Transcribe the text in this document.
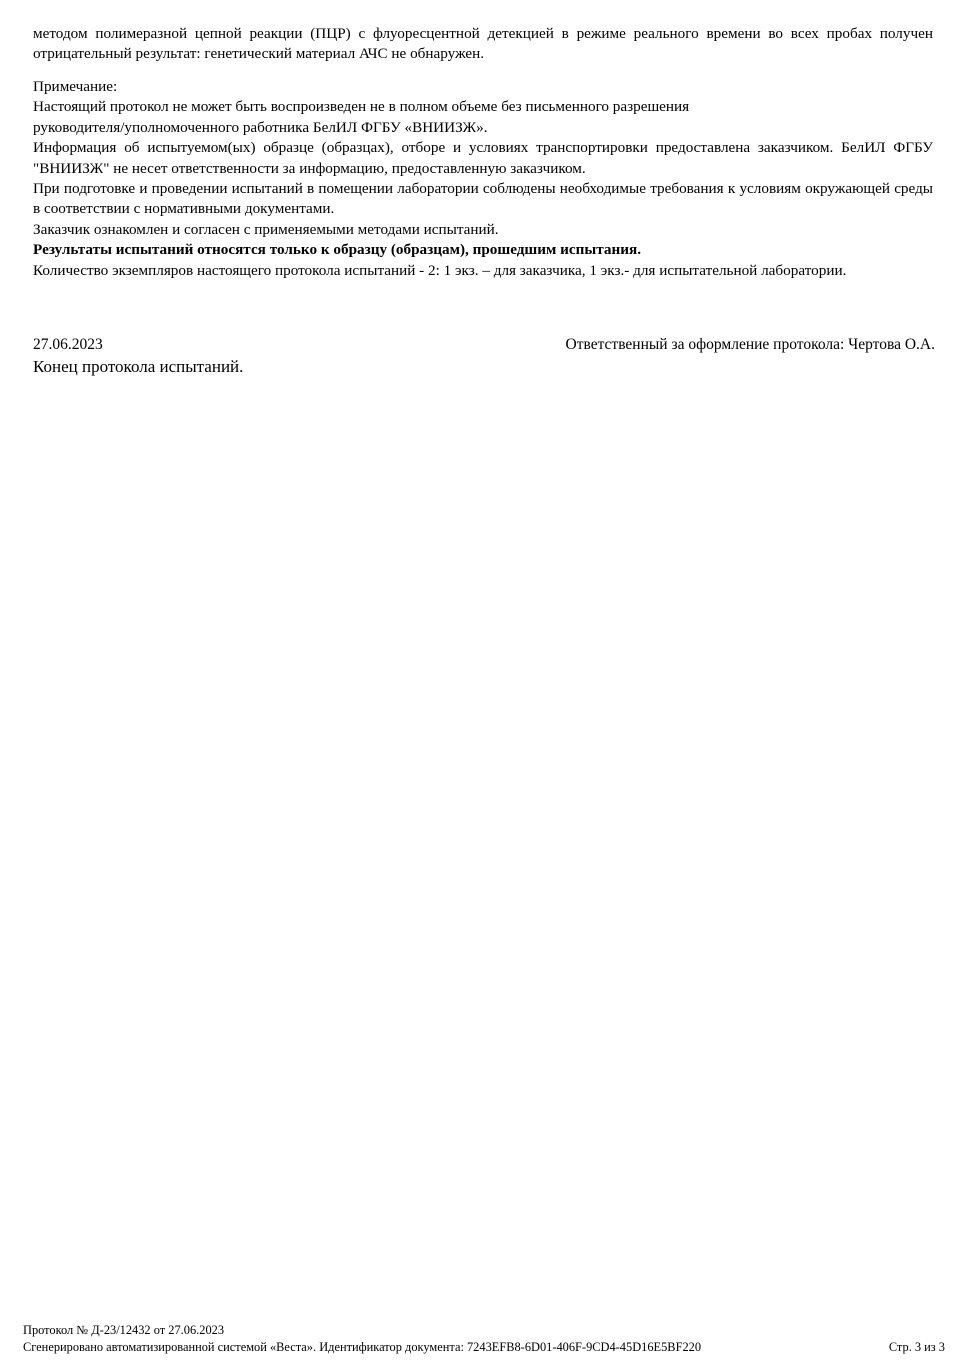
методом полимеразной цепной реакции (ПЦР) с флуоресцентной детекцией в режиме реального времени во всех пробах получен отрицательный результат: генетический материал АЧС не обнаружен.

Примечание:

Настоящий протокол не может быть воспроизведен не в полном объеме без письменного разрешения

руководителя/уполномоченного работника БелИЛ ФГБУ «ВНИИЗЖ».

Информация об испытуемом(ых) образце (образцах), отборе и условиях транспортировки предоставлена заказчиком. БелИЛ ФГБУ "ВНИИЗЖ" не несет ответственности за информацию, предоставленную заказчиком.

При подготовке и проведении испытаний в помещении лаборатории соблюдены необходимые требования к условиям окружающей среды в соответствии с нормативными документами.

Заказчик ознакомлен и согласен с применяемыми методами испытаний.

Результаты испытаний относятся только к образцу (образцам), прошедшим испытания.

Количество экземпляров настоящего протокола испытаний - 2: 1 экз. – для заказчика, 1 экз.- для испытательной лаборатории.

27.06.2023	Ответственный за оформление протокола: Чертова О.А.
Конец протокола испытаний.
Протокол № Д-23/12432 от 27.06.2023
Сгенерировано автоматизированной системой «Веста». Идентификатор документа: 7243EFB8-6D01-406F-9CD4-45D16E5BF220	Стр. 3 из 3
